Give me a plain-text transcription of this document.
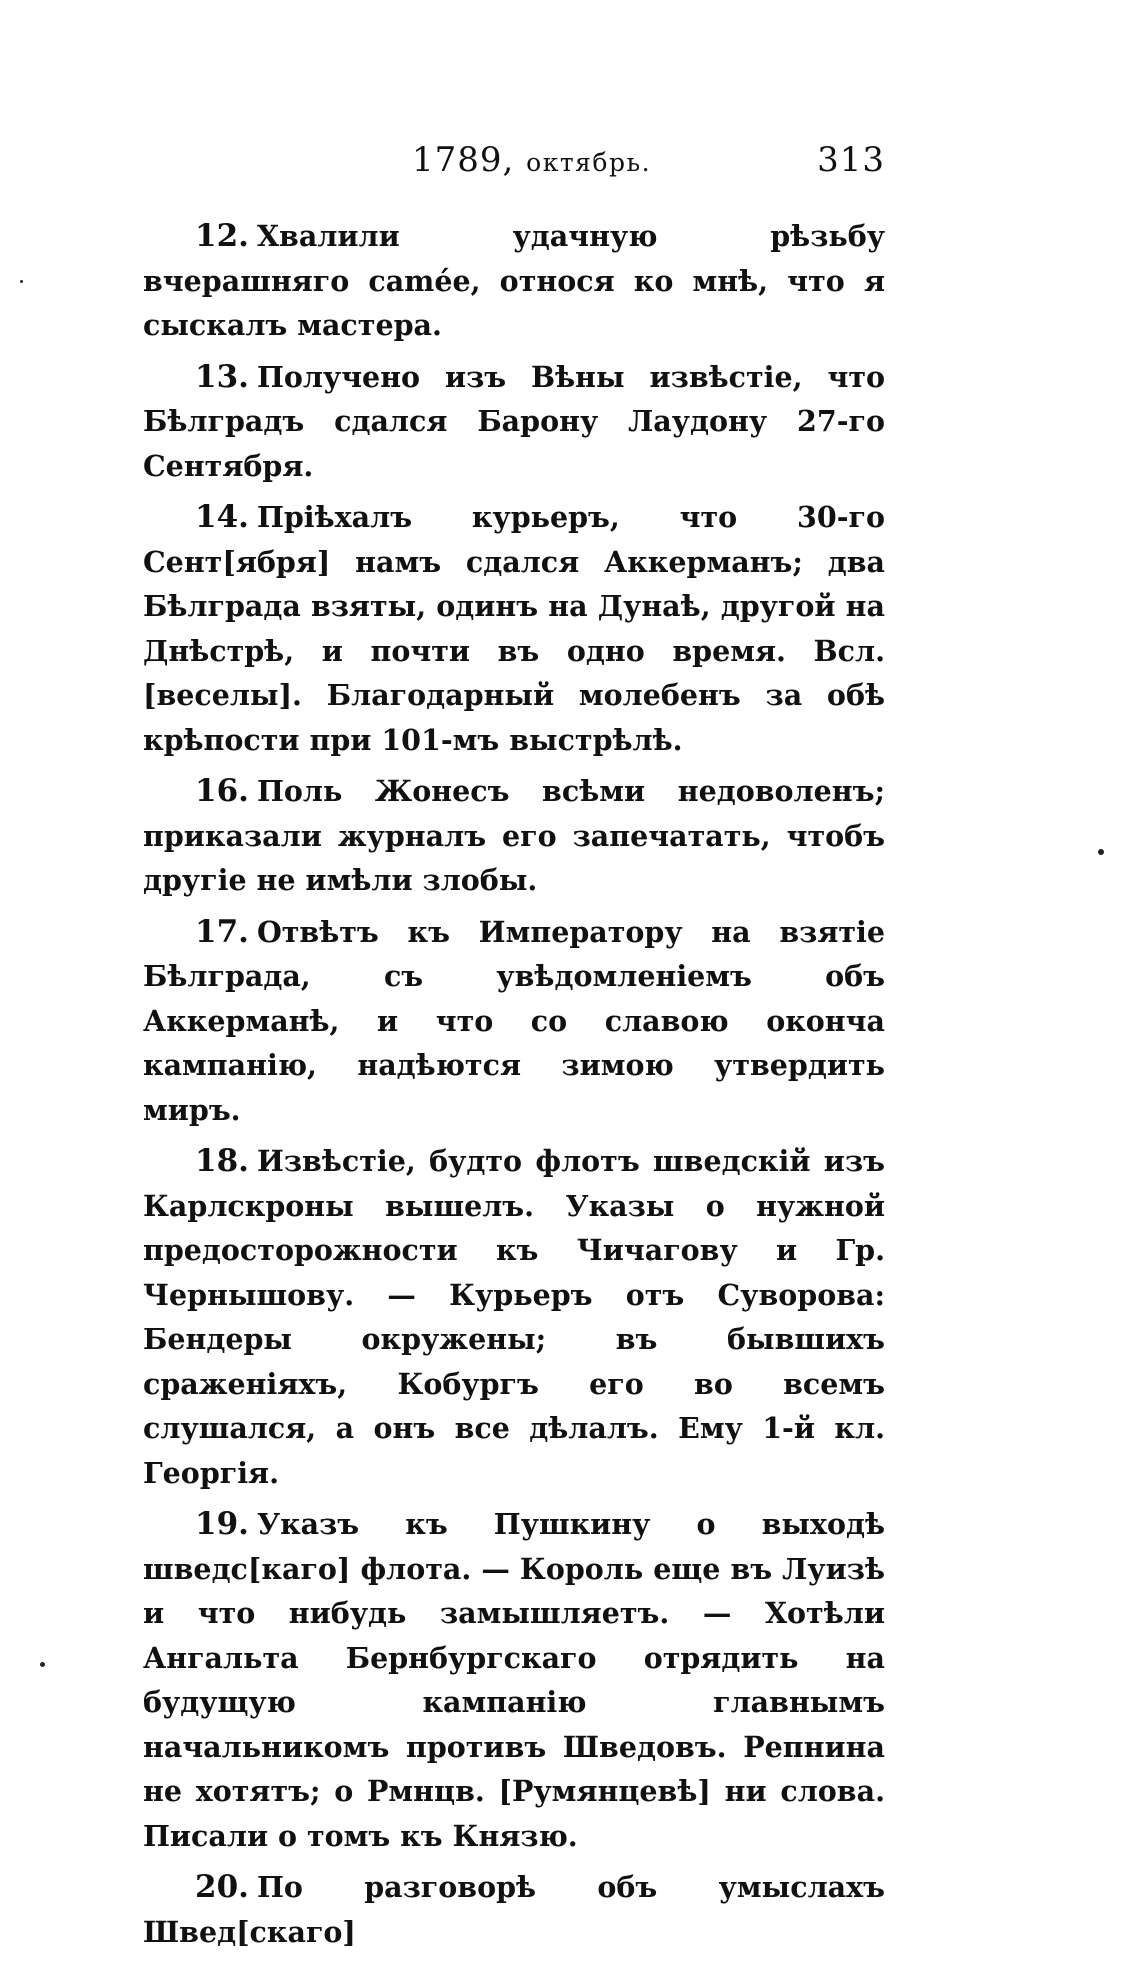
1789, октябрь.	313

12. Хвалили удачную рѣзьбу вчерашняго саmée, относя ко мнѣ, что я сыскалъ мастера.

13. Получено изъ Вѣны извѣстіе, что Бѣлградъ сдался Барону Лаудону 27-го Сентября.

14. Пріѣхалъ курьеръ, что 30-го Сент[ября] намъ сдался Аккерманъ; два Бѣлграда взяты, одинъ на Дунаѣ, другой на Днѣстрѣ, и почти въ одно время. Всл. [веселы]. Благодарный молебенъ за обѣ крѣпости при 101-мъ выстрѣлѣ.

16. Поль Жонесъ всѣми недоволенъ; приказали журналъ его запечатать, чтобъ другіе не имѣли злобы.

17. Отвѣтъ къ Императору на взятіе Бѣлграда, съ увѣдомленіемъ объ Аккерманѣ, и что со славою оконча кампанію, надѣются зимою утвердить миръ.

18. Извѣстіе, будто флотъ шведскій изъ Карлскроны вышелъ. Указы о нужной предосторожности къ Чичагову и Гр. Чернышову. — Курьеръ отъ Суворова: Бендеры окружены; въ бывшихъ сраженіяхъ, Кобургъ его во всемъ слушался, а онъ все дѣлалъ. Ему 1-й кл. Георгія.

19. Указъ къ Пушкину о выходѣ шведс[каго] флота. — Король еще въ Луизѣ и что нибудь замышляетъ. — Хотѣли Ангальта Бернбургскаго отрядить на будущую кампанію главнымъ начальникомъ противъ Шведовъ. Репнина не хотятъ; о Рмнцв. [Румянцевѣ] ни слова. Писали о томъ къ Князю.

20. По разговорѣ объ умыслахъ Швед[скаго]
